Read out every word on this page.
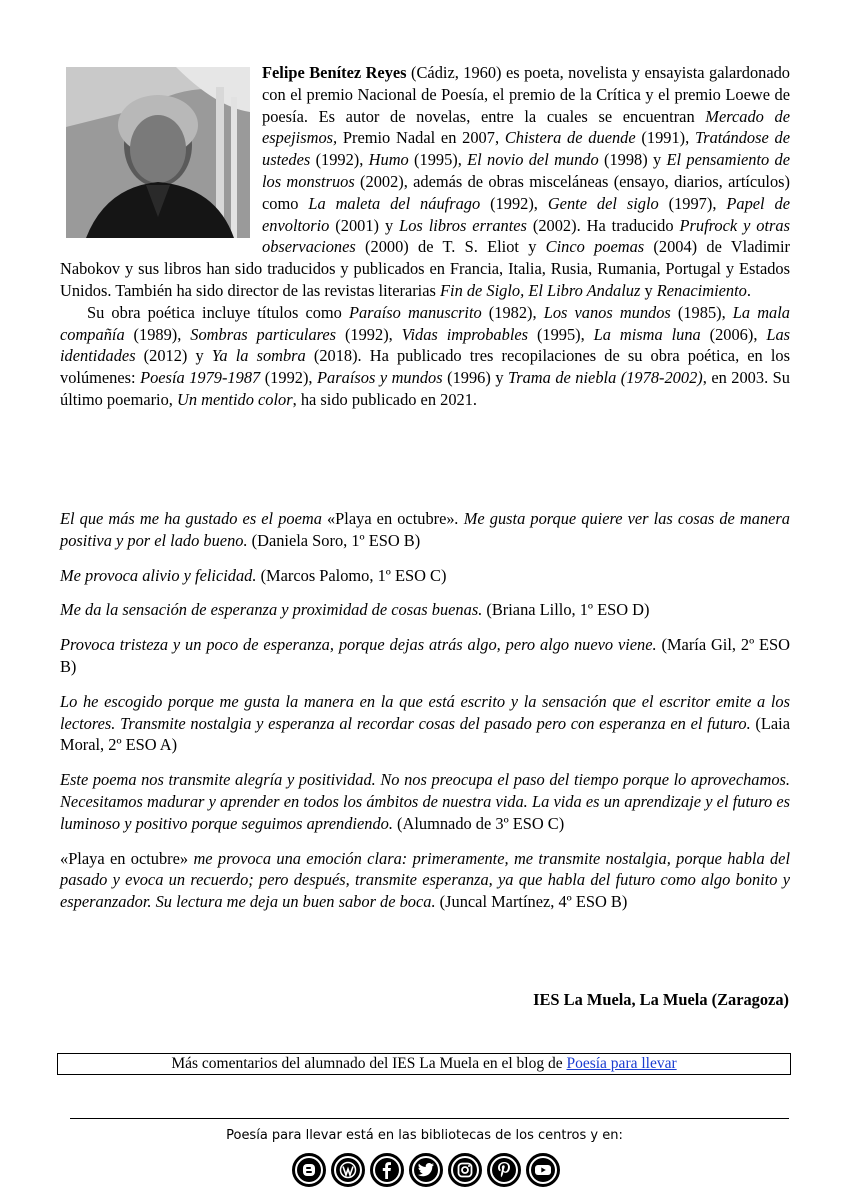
Felipe Benítez Reyes (Cádiz, 1960) es poeta, novelista y ensayista galardonado con el premio Nacional de Poesía, el premio de la Crítica y el premio Loewe de poesía. Es autor de novelas, entre la cuales se encuentran Mercado de espejismos, Premio Nadal en 2007, Chistera de duende (1991), Tratándose de ustedes (1992), Humo (1995), El novio del mundo (1998) y El pensamiento de los monstruos (2002), además de obras misceláneas (ensayo, diarios, artículos) como La maleta del náufrago (1992), Gente del siglo (1997), Papel de envoltorio (2001) y Los libros errantes (2002). Ha traducido Prufrock y otras observaciones (2000) de T. S. Eliot y Cinco poemas (2004) de Vladimir Nabokov y sus libros han sido traducidos y publicados en Francia, Italia, Rusia, Rumania, Portugal y Estados Unidos. También ha sido director de las revistas literarias Fin de Siglo, El Libro Andaluz y Renacimiento.

Su obra poética incluye títulos como Paraíso manuscrito (1982), Los vanos mundos (1985), La mala compañía (1989), Sombras particulares (1992), Vidas improbables (1995), La misma luna (2006), Las identidades (2012) y Ya la sombra (2018). Ha publicado tres recopilaciones de su obra poética, en los volúmenes: Poesía 1979-1987 (1992), Paraísos y mundos (1996) y Trama de niebla (1978-2002), en 2003. Su último poemario, Un mentido color, ha sido publicado en 2021.

El que más me ha gustado es el poema «Playa en octubre». Me gusta porque quiere ver las cosas de manera positiva y por el lado bueno. (Daniela Soro, 1º ESO B)

Me provoca alivio y felicidad. (Marcos Palomo, 1º ESO C)

Me da la sensación de esperanza y proximidad de cosas buenas. (Briana Lillo, 1º ESO D)

Provoca tristeza y un poco de esperanza, porque dejas atrás algo, pero algo nuevo viene. (María Gil, 2º ESO B)

Lo he escogido porque me gusta la manera en la que está escrito y la sensación que el escritor emite a los lectores. Transmite nostalgia y esperanza al recordar cosas del pasado pero con esperanza en el futuro. (Laia Moral, 2º ESO A)

Este poema nos transmite alegría y positividad. No nos preocupa el paso del tiempo porque lo aprovechamos. Necesitamos madurar y aprender en todos los ámbitos de nuestra vida. La vida es un aprendizaje y el futuro es luminoso y positivo porque seguimos aprendiendo. (Alumnado de 3º ESO C)

«Playa en octubre» me provoca una emoción clara: primeramente, me transmite nostalgia, porque habla del pasado y evoca un recuerdo; pero después, transmite esperanza, ya que habla del futuro como algo bonito y esperanzador. Su lectura me deja un buen sabor de boca. (Juncal Martínez, 4º ESO B)

IES La Muela, La Muela (Zaragoza)
Más comentarios del alumnado del IES La Muela en el blog de Poesía para llevar
Poesía para llevar está en las bibliotecas de los centros y en:
